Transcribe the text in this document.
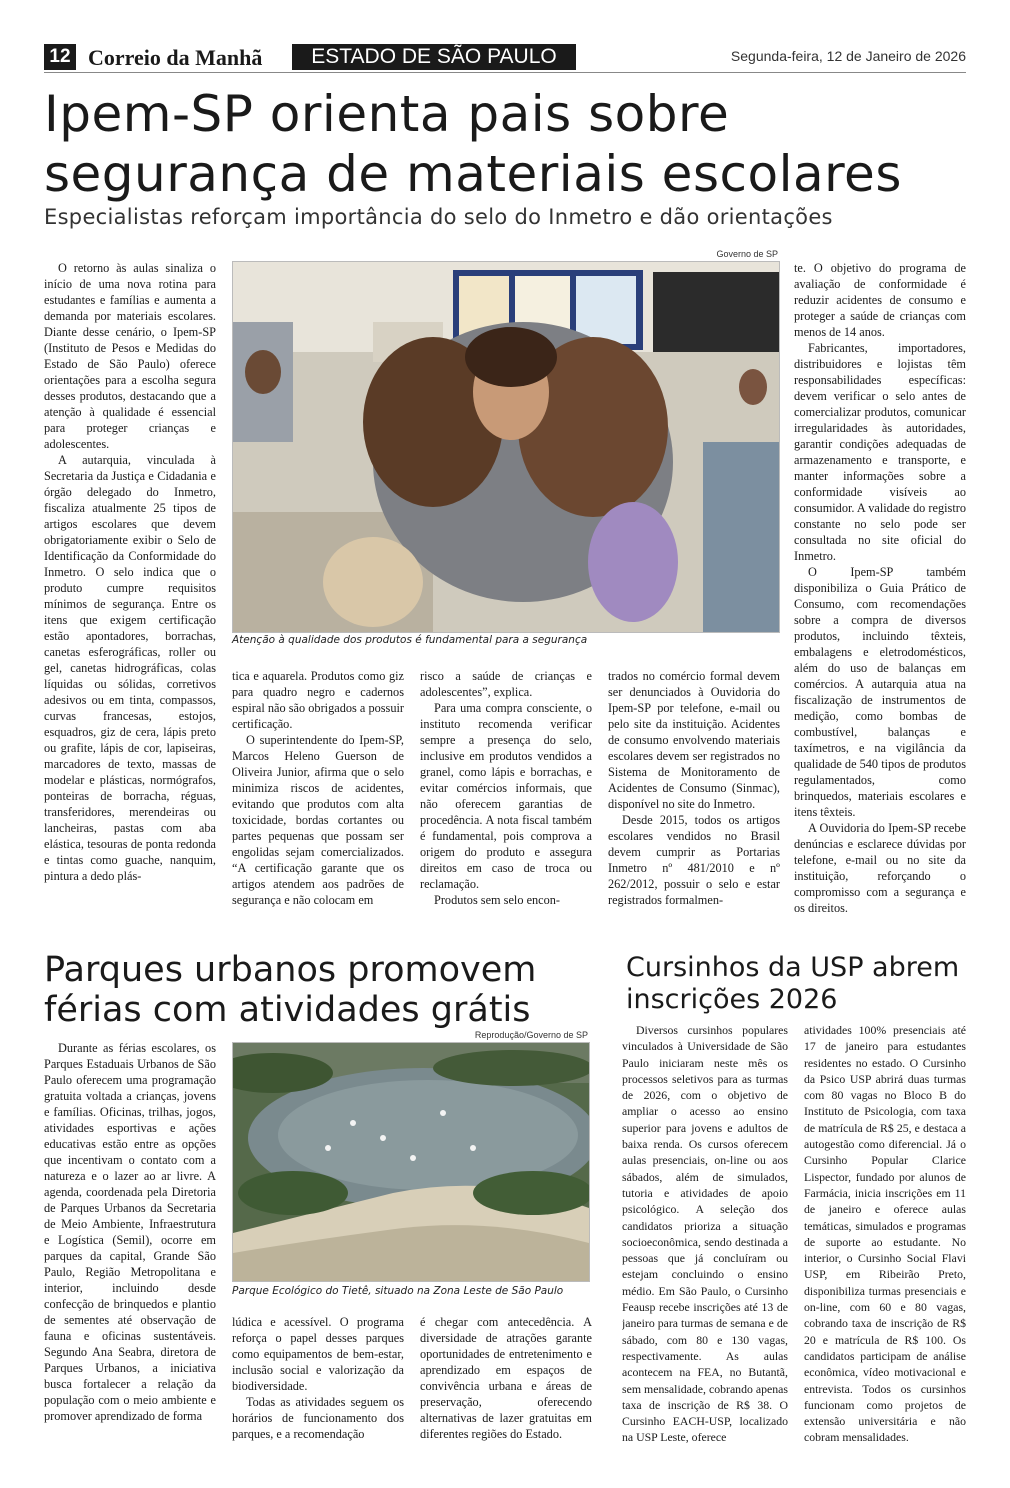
12 Correio da Manhã	ESTADO DE SÃO PAULO	Segunda-feira, 12 de Janeiro de 2026
Ipem-SP orienta pais sobre segurança de materiais escolares
Especialistas reforçam importância do selo do Inmetro e dão orientações
Governo de SP
Atenção à qualidade dos produtos é fundamental para a segurança

O retorno às aulas sinaliza o início de uma nova rotina para estudantes e famílias e aumenta a demanda por materiais escolares. Diante desse cenário, o Ipem-SP (Instituto de Pesos e Medidas do Estado de São Paulo) oferece orientações para a escolha segura desses produtos, destacando que a atenção à qualidade é essencial para proteger crianças e adolescentes.

A autarquia, vinculada à Secretaria da Justiça e Cidadania e órgão delegado do Inmetro, fiscaliza atualmente 25 tipos de artigos escolares que devem obrigatoriamente exibir o Selo de Identificação da Conformidade do Inmetro. O selo indica que o produto cumpre requisitos mínimos de segurança. Entre os itens que exigem certificação estão apontadores, borrachas, canetas esferográficas, roller ou gel, canetas hidrográficas, colas líquidas ou sólidas, corretivos adesivos ou em tinta, compassos, curvas francesas, estojos, esquadros, giz de cera, lápis preto ou grafite, lápis de cor, lapiseiras, marcadores de texto, massas de modelar e plásticas, normógrafos, ponteiras de borracha, réguas, transferidores, merendeiras ou lancheiras, pastas com aba elástica, tesouras de ponta redonda e tintas como guache, nanquim, pintura a dedo plás-

tica e aquarela. Produtos como giz para quadro negro e cadernos espiral não são obrigados a possuir certificação.

O superintendente do Ipem-SP, Marcos Heleno Guerson de Oliveira Junior, afirma que o selo minimiza riscos de acidentes, evitando que produtos com alta toxicidade, bordas cortantes ou partes pequenas que possam ser engolidas sejam comercializados. “A certificação garante que os artigos atendem aos padrões de segurança e não colocam em

risco a saúde de crianças e adolescentes”, explica.

Para uma compra consciente, o instituto recomenda verificar sempre a presença do selo, inclusive em produtos vendidos a granel, como lápis e borrachas, e evitar comércios informais, que não oferecem garantias de procedência. A nota fiscal também é fundamental, pois comprova a origem do produto e assegura direitos em caso de troca ou reclamação.

Produtos sem selo encon-

trados no comércio formal devem ser denunciados à Ouvidoria do Ipem-SP por telefone, e-mail ou pelo site da instituição. Acidentes de consumo envolvendo materiais escolares devem ser registrados no Sistema de Monitoramento de Acidentes de Consumo (Sinmac), disponível no site do Inmetro.

Desde 2015, todos os artigos escolares vendidos no Brasil devem cumprir as Portarias Inmetro nº 481/2010 e nº 262/2012, possuir o selo e estar registrados formalmen-

te. O objetivo do programa de avaliação de conformidade é reduzir acidentes de consumo e proteger a saúde de crianças com menos de 14 anos.

Fabricantes, importadores, distribuidores e lojistas têm responsabilidades específicas: devem verificar o selo antes de comercializar produtos, comunicar irregularidades às autoridades, garantir condições adequadas de armazenamento e transporte, e manter informações sobre a conformidade visíveis ao consumidor. A validade do registro constante no selo pode ser consultada no site oficial do Inmetro.

O Ipem-SP também disponibiliza o Guia Prático de Consumo, com recomendações sobre a compra de diversos produtos, incluindo têxteis, embalagens e eletrodomésticos, além do uso de balanças em comércios. A autarquia atua na fiscalização de instrumentos de medição, como bombas de combustível, balanças e taxímetros, e na vigilância da qualidade de 540 tipos de produtos regulamentados, como brinquedos, materiais escolares e itens têxteis.

A Ouvidoria do Ipem-SP recebe denúncias e esclarece dúvidas por telefone, e-mail ou no site da instituição, reforçando o compromisso com a segurança e os direitos.

Parques urbanos promovem férias com atividades grátis
Reprodução/Governo de SP
Parque Ecológico do Tietê, situado na Zona Leste de São Paulo

Durante as férias escolares, os Parques Estaduais Urbanos de São Paulo oferecem uma programação gratuita voltada a crianças, jovens e famílias. Oficinas, trilhas, jogos, atividades esportivas e ações educativas estão entre as opções que incentivam o contato com a natureza e o lazer ao ar livre. A agenda, coordenada pela Diretoria de Parques Urbanos da Secretaria de Meio Ambiente, Infraestrutura e Logística (Semil), ocorre em parques da capital, Grande São Paulo, Região Metropolitana e interior, incluindo desde confecção de brinquedos e plantio de sementes até observação de fauna e oficinas sustentáveis. Segundo Ana Seabra, diretora de Parques Urbanos, a iniciativa busca fortalecer a relação da população com o meio ambiente e promover aprendizado de forma

lúdica e acessível. O programa reforça o papel desses parques como equipamentos de bem-estar, inclusão social e valorização da biodiversidade.

Todas as atividades seguem os horários de funcionamento dos parques, e a recomendação

é chegar com antecedência. A diversidade de atrações garante oportunidades de entretenimento e aprendizado em espaços de convivência urbana e áreas de preservação, oferecendo alternativas de lazer gratuitas em diferentes regiões do Estado.

Cursinhos da USP abrem inscrições 2026

Diversos cursinhos populares vinculados à Universidade de São Paulo iniciaram neste mês os processos seletivos para as turmas de 2026, com o objetivo de ampliar o acesso ao ensino superior para jovens e adultos de baixa renda. Os cursos oferecem aulas presenciais, on-line ou aos sábados, além de simulados, tutoria e atividades de apoio psicológico. A seleção dos candidatos prioriza a situação socioeconômica, sendo destinada a pessoas que já concluíram ou estejam concluindo o ensino médio. Em São Paulo, o Cursinho Feausp recebe inscrições até 13 de janeiro para turmas de semana e de sábado, com 80 e 130 vagas, respectivamente. As aulas acontecem na FEA, no Butantã, sem mensalidade, cobrando apenas taxa de inscrição de R$ 38. O Cursinho EACH-USP, localizado na USP Leste, oferece

atividades 100% presenciais até 17 de janeiro para estudantes residentes no estado. O Cursinho da Psico USP abrirá duas turmas com 80 vagas no Bloco B do Instituto de Psicologia, com taxa de matrícula de R$ 25, e destaca a autogestão como diferencial. Já o Cursinho Popular Clarice Lispector, fundado por alunos de Farmácia, inicia inscrições em 11 de janeiro e oferece aulas temáticas, simulados e programas de suporte ao estudante. No interior, o Cursinho Social Flavi USP, em Ribeirão Preto, disponibiliza turmas presenciais e on-line, com 60 e 80 vagas, cobrando taxa de inscrição de R$ 20 e matrícula de R$ 100. Os candidatos participam de análise econômica, vídeo motivacional e entrevista. Todos os cursinhos funcionam como projetos de extensão universitária e não cobram mensalidades.
